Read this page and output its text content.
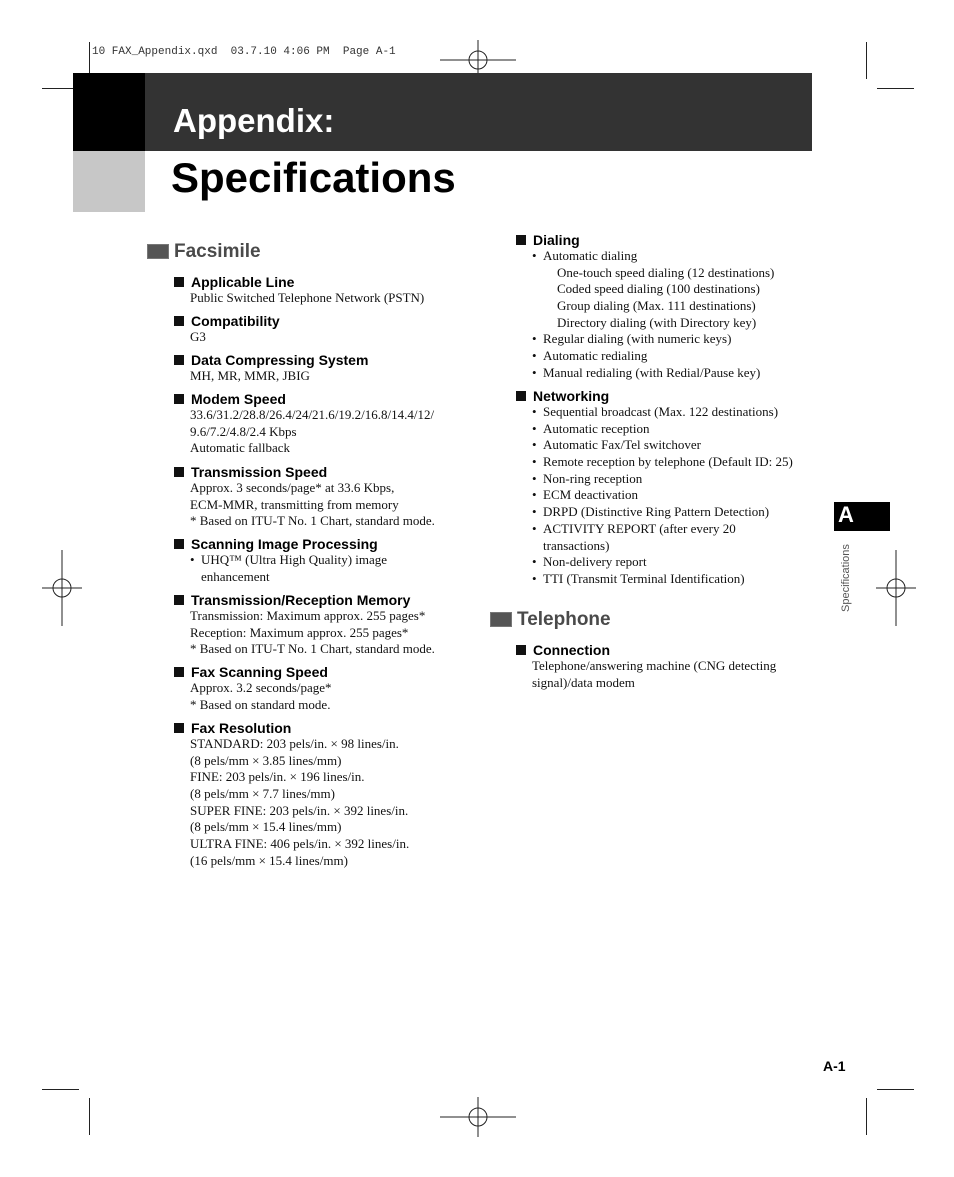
10 FAX_Appendix.qxd  03.7.10 4:06 PM  Page A-1
Appendix:
Specifications
Facsimile
Applicable Line
Public Switched Telephone Network (PSTN)
Compatibility
G3
Data Compressing System
MH, MR, MMR, JBIG
Modem Speed
33.6/31.2/28.8/26.4/24/21.6/19.2/16.8/14.4/12/
9.6/7.2/4.8/2.4 Kbps
Automatic fallback
Transmission Speed
Approx. 3 seconds/page* at 33.6 Kbps,
ECM-MMR, transmitting from memory
* Based on ITU-T No. 1 Chart, standard mode.
Scanning Image Processing
• UHQ™ (Ultra High Quality) image
enhancement
Transmission/Reception Memory
Transmission: Maximum approx. 255 pages*
Reception: Maximum approx. 255 pages*
* Based on ITU-T No. 1 Chart, standard mode.
Fax Scanning Speed
Approx. 3.2 seconds/page*
* Based on standard mode.
Fax Resolution
STANDARD: 203 pels/in. × 98 lines/in.
(8 pels/mm × 3.85 lines/mm)
FINE: 203 pels/in. × 196 lines/in.
(8 pels/mm × 7.7 lines/mm)
SUPER FINE: 203 pels/in. × 392 lines/in.
(8 pels/mm × 15.4 lines/mm)
ULTRA FINE: 406 pels/in. × 392 lines/in.
(16 pels/mm × 15.4 lines/mm)
Dialing
• Automatic dialing
One-touch speed dialing (12 destinations)
Coded speed dialing (100 destinations)
Group dialing (Max. 111 destinations)
Directory dialing (with Directory key)
• Regular dialing (with numeric keys)
• Automatic redialing
• Manual redialing (with Redial/Pause key)
Networking
• Sequential broadcast (Max. 122 destinations)
• Automatic reception
• Automatic Fax/Tel switchover
• Remote reception by telephone (Default ID: 25)
• Non-ring reception
• ECM deactivation
• DRPD (Distinctive Ring Pattern Detection)
• ACTIVITY REPORT (after every 20
transactions)
• Non-delivery report
• TTI (Transmit Terminal Identification)
Telephone
Connection
Telephone/answering machine (CNG detecting
signal)/data modem
A
Specifications
A-1
